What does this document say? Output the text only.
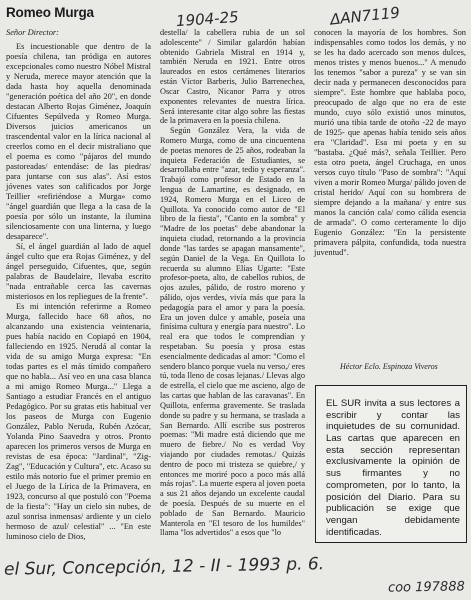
Romeo Murga	1904-25	ΔAN7119
Señor Director:

Es incuestionable que dentro de la poesía chilena, tan pródiga en autores excepcionales como nuestro Nóbel Mistral y Neruda, merece mayor atención que la dada hasta hoy aquella denominada "generación poética del año 20", en donde destacan Alberto Rojas Giménez, Joaquín Cifuentes Sepúlveda y Romeo Murga. Diversos juicios americanos un trascendental valor en la lírica nacional al creerlos como en el decir mistraliano que el poema es como "pájaros del mundo pastoreadas/ entendáse: de las piedras/ para juntarse con sus alas". Así estos jóvenes vates son calificados por Jorge Teillier «refiriéndose a Murga» como "ángel guardián que llega a la casa de la poesía por sólo un instante, la ilumina silenciosamente con una linterna, y luego desaparece".

Sí, el ángel guardián al lado de aquel ángel culto que era Rojas Giménez, y del ángel perseguido, Cifuentes, que, según palabras de Baudelaire, llevaba escrito "nada entrañable cerca las cavernas misteriosos en los repliegues de la frente".

Es mi intención referirme a Romeo Murga, fallecido hace 68 años, no alcanzando una existencia veintenaria, pues había nacido en Copiapó en 1904, falleciendo en 1925. Nerudá al contar la vida de su amigo Murga expresa: "En todas partes es el más tímido compañero que no habla... Así veo en una casa blanca a mi amigo Romeo Murga..." Llega a Santiago a estudiar Francés en el antiguo Pedagógico. Por su gratas etis habitual ver los paseos de Murga con Eugenio González, Pablo Neruda, Rubén Azócar, Yolanda Pino Saavedra y otros. Pronto aparecen los primeros versos de Murga en revistas de esa época: "Jardinal", "Zig-Zag", "Educación y Cultura", etc. Acaso su estilo más notorio fue el primer premio en el Juego de la Lírica de la Primavera, en 1923, concurso al que postuló con "Poema de la fiesta": "Hay un cielo sin nubes, de azul sonrisa inmensas/ ardiente y un cielo hermoso de azul/ celestial" ... "En este luminoso cielo de Dios,

destella/ la cabellera rubia de un sol adolescente" / Similar galardón habían obtenido Gabriela Mistral en 1914 y, también Neruda en 1921. Entre otros laureados en estos certámenes literarios están Víctor Barberis, Julio Barrenechea, Oscar Castro, Nicanor Parra y otros exponentes relevantes de nuestra lírica. Será interesante citar algo sobre las fiestas de la primavera en la poesía chilena.

Según González Vera, la vida de Romero Murga, como de una cincuentena de poetas menores de 25 años, rodeaban la inquieta Federación de Estudiantes, se desarrollaba entre "azar, tedio y esperanza". Trabajó como profesor de Estado en la lengua de Lamartine, es designado, en 1924, Romero Murga en el Liceo de Quillota. Ya conocido como autor de "El libro de la fiesta", "Canto en la sombra" y "Madre de los poetas" debe abandonar la inquieta ciudad, retornando a la provincia donde "las tardes se apagan mansamente", según Daniel de la Vega. En Quillota lo recuerda su alumno Elías Ugarte: "Este profesor-poeta, alto, de cabellos rubios, de ojos azules, pálido, de rostro moreno y pálido, ojos verdes, vivía más que para la pedagogía para el amor y para la poesía. Era un joven dulce y amable, poseía una finísima cultura y energía para nuestro". Lo real era que todos le comprendían y respetaban. Su poesía y prosa estas esencialmente dedicadas al amor: "Como el sendero blanco porque vuela nu verso,/ eres tú, toda lleno de cosas lejanas./ Llevas algo de estrella, el cielo que me ascieno, algo de las cartas que hablan de las caravanas". En Quillota, enferma gravemente. Se traslada donde su padre y su hermana, se traslada a San Bernardo. Allí escribe sus postreros poemas: "Mi madre está diciendo que me muero de fiebre./ No es verdad Voy viajando por ciudades remotas./ Quizás dentro de poco mi tristeza se quiebre,/ y entonces me moriré poco a poco más allá más rojas". La muerte espera al joven poeta a sus 21 años dejando un excelente caudal de poesía. Después de su muerte en el poblado de San Bernardo. Mauricio Manterola en "El tesoro de los humildes" llama "los advertidos" a esos que "lo

conocen la mayoría de los hombres. Son indispensables como todos los demás, y no se les ha dado acercado son menos dulces, menos tristes y menos buenos..." A menudo los tenemos "sabor a pureza" y se van sin decir nada y permanecen desconocidos para siempre". Este hombre que hablaba poco, preocupado de algo que no era de este mundo, cuyo sólo existió unos minutos, murió una tibia tarde de otoño -22 de mayo de 1925- que apenas había tenido seis años era "Claridad". Esa mi poeta y en su "bastaba. ¿Qué más?, señala Teillier. Pero esta otro poeta, ángel Cruchaga, en unos versos cuyo título "Paso de sombra": "Aquí viven a morir Romeo Murga/ pálido joven de cristal herido/ Aquí con su hombrera de siempre dejando a la mañana/ y entre sus manos la canción cala/ como cálida esencia de armada". O como certeramente lo dijo Eugenio González: "En la persistente primavera pálpita, confundida, toda nuestra juventud".

Héctor Eclo. Espinoza Viveros
EL SUR invita a sus lectores a escribir y contar las inquietudes de su comunidad. Las cartas que aparecen en esta sección representan exclusivamente la opinión de sus firmantes y no comprometen, por lo tanto, la posición del Diario. Para su publicación se exige que vengan debidamente identificadas.
el Sur, Concepción, 12 - II - 1993 p. 6.
coo 197888
